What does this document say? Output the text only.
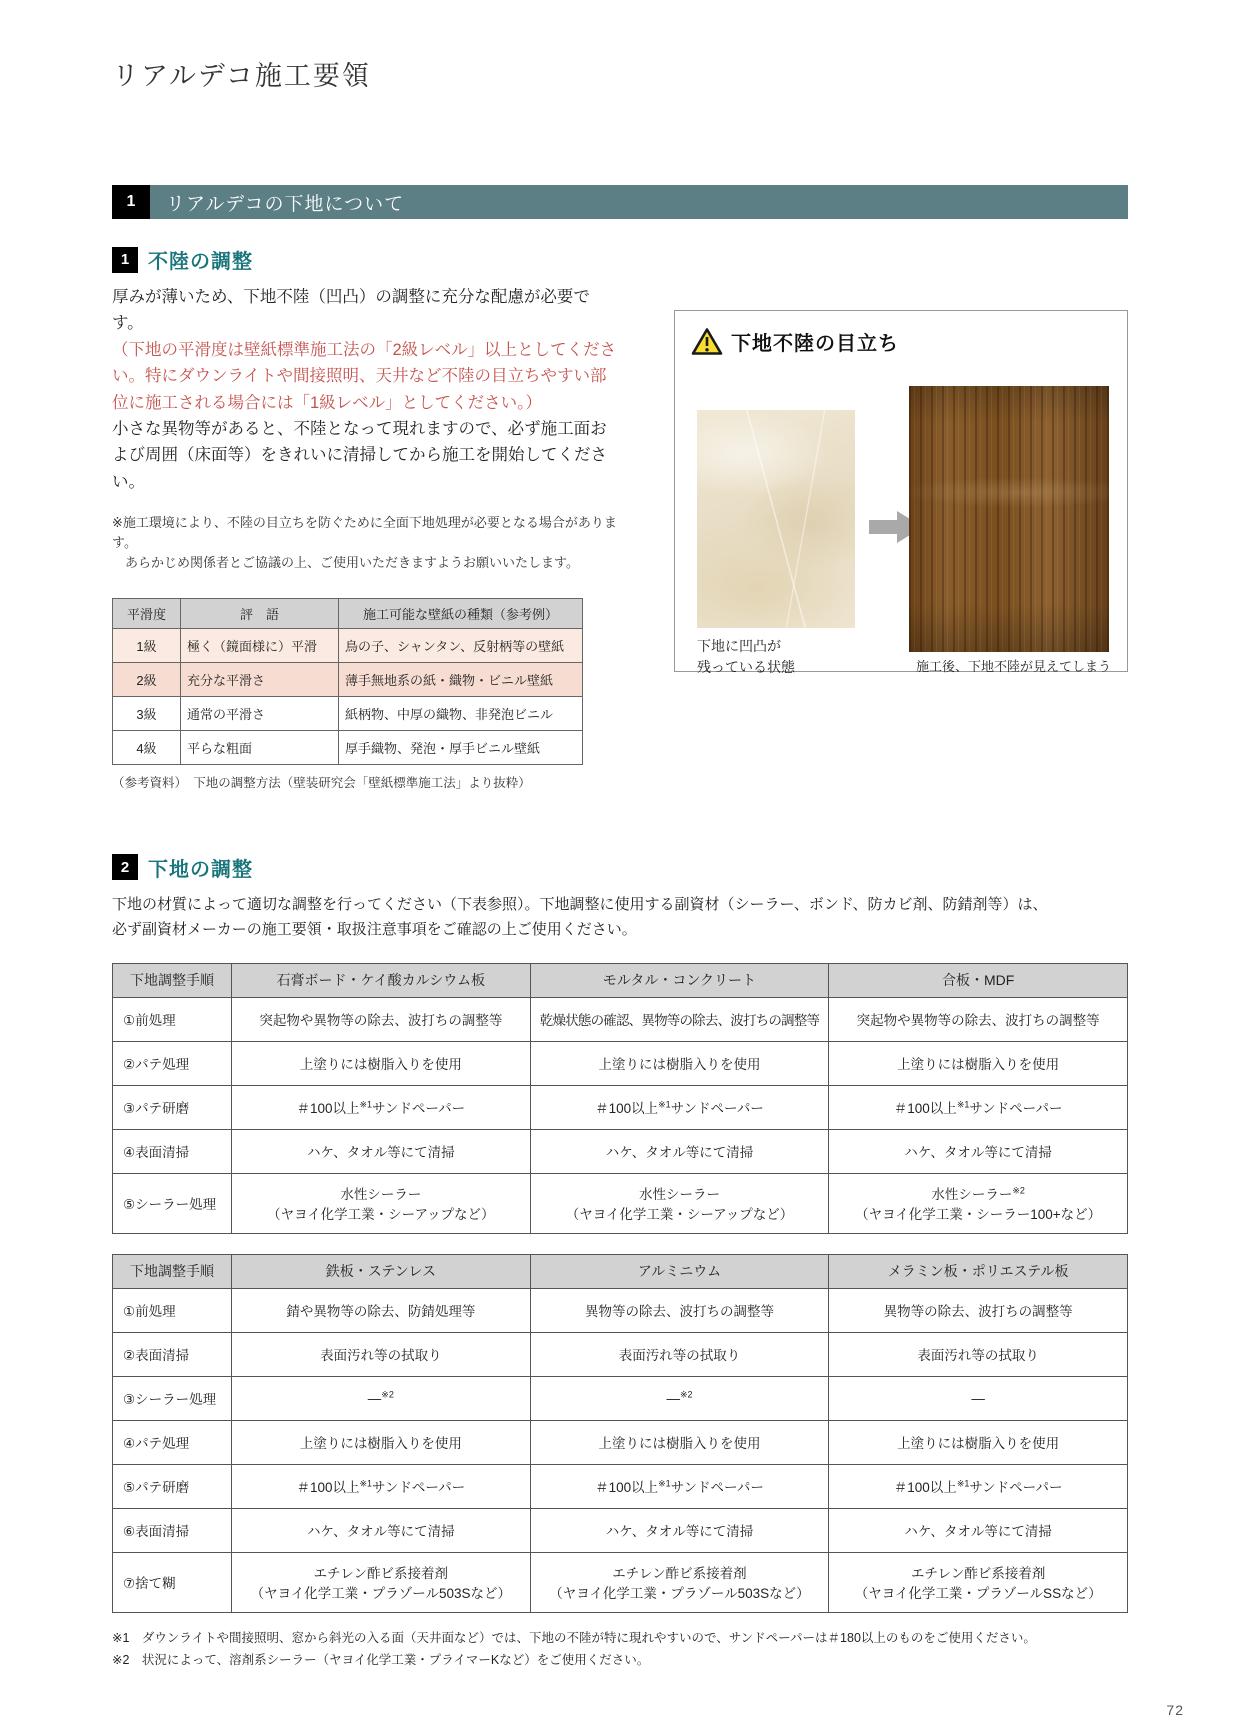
リアルデコ施工要領
1	リアルデコの下地について
1 不陸の調整

厚みが薄いため、下地不陸（凹凸）の調整に充分な配慮が必要です。

（下地の平滑度は壁紙標準施工法の「2級レベル」以上としてください。特にダウンライトや間接照明、天井など不陸の目立ちやすい部位に施工される場合には「1級レベル」としてください。）

小さな異物等があると、不陸となって現れますので、必ず施工面および周囲（床面等）をきれいに清掃してから施工を開始してください。

※施工環境により、不陸の目立ちを防ぐために全面下地処理が必要となる場合があります。
あらかじめ関係者とご協議の上、ご使用いただきますようお願いいたします。
平滑度	評　語	施工可能な壁紙の種類（参考例）
1級	極く（鏡面様に）平滑	鳥の子、シャンタン、反射柄等の壁紙
2級	充分な平滑さ	薄手無地系の紙・織物・ビニル壁紙
3級	通常の平滑さ	紙柄物、中厚の織物、非発泡ビニル
4級	平らな粗面	厚手織物、発泡・厚手ビニル壁紙
（参考資料）　下地の調整方法（壁装研究会「壁紙標準施工法」より抜粋）
下地不陸の目立ち
下地に凹凸が
残っている状態	施工後、下地不陸が見えてしまう
2 下地の調整

下地の材質によって適切な調整を行ってください（下表参照）。下地調整に使用する副資材（シーラー、ボンド、防カビ剤、防錆剤等）は、
必ず副資材メーカーの施工要領・取扱注意事項をご確認の上ご使用ください。

下地調整手順	石膏ボード・ケイ酸カルシウム板	モルタル・コンクリート	合板・MDF
①前処理	突起物や異物等の除去、波打ちの調整等	乾燥状態の確認、異物等の除去、波打ちの調整等	突起物や異物等の除去、波打ちの調整等
②パテ処理	上塗りには樹脂入りを使用	上塗りには樹脂入りを使用	上塗りには樹脂入りを使用
③パテ研磨	＃100以上$^{※1}$サンドペーパー	＃100以上$^{※1}$サンドペーパー	＃100以上$^{※1}$サンドペーパー
④表面清掃	ハケ、タオル等にて清掃	ハケ、タオル等にて清掃	ハケ、タオル等にて清掃
⑤シーラー処理	水性シーラー
（ヤヨイ化学工業・シーアップなど）	水性シーラー
（ヤヨイ化学工業・シーアップなど）	水性シーラー$^{※2}$
（ヤヨイ化学工業・シーラー100+など）
下地調整手順	鉄板・ステンレス	アルミニウム	メラミン板・ポリエステル板
①前処理	錆や異物等の除去、防錆処理等	異物等の除去、波打ちの調整等	異物等の除去、波打ちの調整等
②表面清掃	表面汚れ等の拭取り	表面汚れ等の拭取り	表面汚れ等の拭取り
③シーラー処理	—$^{※2}$	—$^{※2}$	—
④パテ処理	上塗りには樹脂入りを使用	上塗りには樹脂入りを使用	上塗りには樹脂入りを使用
⑤パテ研磨	＃100以上$^{※1}$サンドペーパー	＃100以上$^{※1}$サンドペーパー	＃100以上$^{※1}$サンドペーパー
⑥表面清掃	ハケ、タオル等にて清掃	ハケ、タオル等にて清掃	ハケ、タオル等にて清掃
⑦捨て糊	エチレン酢ビ系接着剤
（ヤヨイ化学工業・プラゾール503Sなど）	エチレン酢ビ系接着剤
（ヤヨイ化学工業・プラゾール503Sなど）	エチレン酢ビ系接着剤
（ヤヨイ化学工業・プラゾールSSなど）
※1　ダウンライトや間接照明、窓から斜光の入る面（天井面など）では、下地の不陸が特に現れやすいので、サンドペーパーは＃180以上のものをご使用ください。
※2　状況によって、溶剤系シーラー（ヤヨイ化学工業・プライマーKなど）をご使用ください。
72
